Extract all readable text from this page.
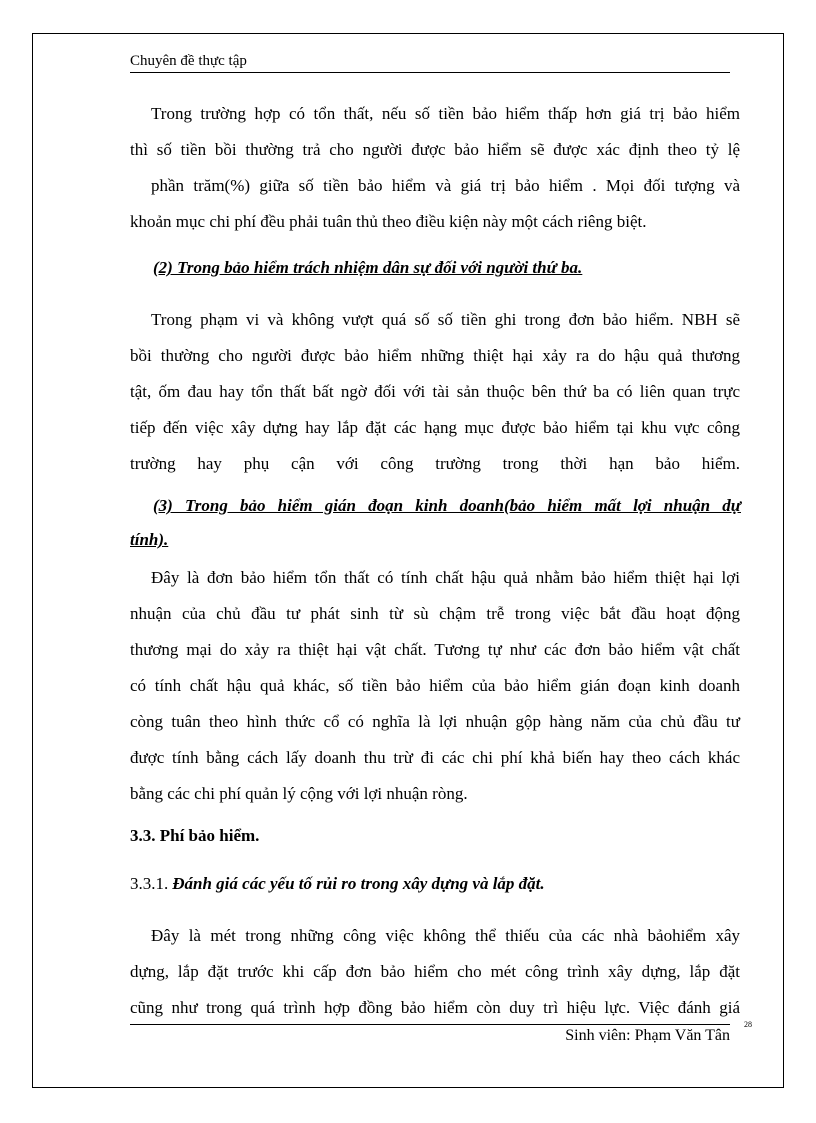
Chuyên đề thực tập
Trong trường hợp có tổn thất, nếu số tiền bảo hiểm thấp hơn giá trị bảo hiểm
thì số tiền bồi thường trả cho người được bảo hiểm sẽ được xác định theo tỷ lệ
phần trăm(%) giữa số tiền bảo hiểm và giá trị bảo hiểm . Mọi đối tượng và
khoản mục chi phí đều phải tuân thủ theo điều kiện này một cách riêng biệt.

(2) Trong bảo hiểm trách nhiệm dân sự đối với người thứ ba.

Trong phạm vi và không vượt quá số số tiền ghi trong đơn bảo hiểm. NBH sẽ
bồi thường cho người được bảo hiểm những thiệt hại xảy ra do hậu quả thương
tật, ốm đau hay tổn thất bất ngờ đối với tài sản thuộc bên thứ ba có liên quan trực
tiếp đến việc xây dựng hay lắp đặt các hạng mục được bảo hiểm tại khu vực công
trường hay phụ cận với công trường trong thời hạn bảo hiểm.

(3) Trong bảo hiểm gián đoạn kinh doanh(bảo hiểm mất lợi nhuận dự

tính).

Đây là đơn bảo hiểm tổn thất có tính chất hậu quả nhằm bảo hiểm thiệt hại lợi
nhuận của chủ đầu tư phát sinh từ sù chậm trễ trong việc bắt đầu hoạt động
thương mại do xảy ra thiệt hại vật chất. Tương tự như các đơn bảo hiểm vật chất
có tính chất hậu quả khác, số tiền bảo hiểm của bảo hiểm gián đoạn kinh doanh
còng tuân theo hình thức cổ có nghĩa là lợi nhuận gộp hàng năm của chủ đầu tư
được tính bằng cách lấy doanh thu trừ đi các chi phí khả biến hay theo cách khác
bằng các chi phí quản lý cộng với lợi nhuận ròng.

3.3. Phí bảo hiểm.

3.3.1. Đánh giá các yếu tố rủi ro trong xây dựng và lắp đặt.
Đây là mét trong những công việc không thể thiếu của các nhà bảohiểm xây
dựng, lắp đặt trước khi cấp đơn bảo hiểm cho mét công trình xây dựng, lắp đặt
cũng như trong quá trình hợp đồng bảo hiểm còn duy trì hiệu lực. Việc đánh giá
Sinh viên: Phạm Văn Tân
28
